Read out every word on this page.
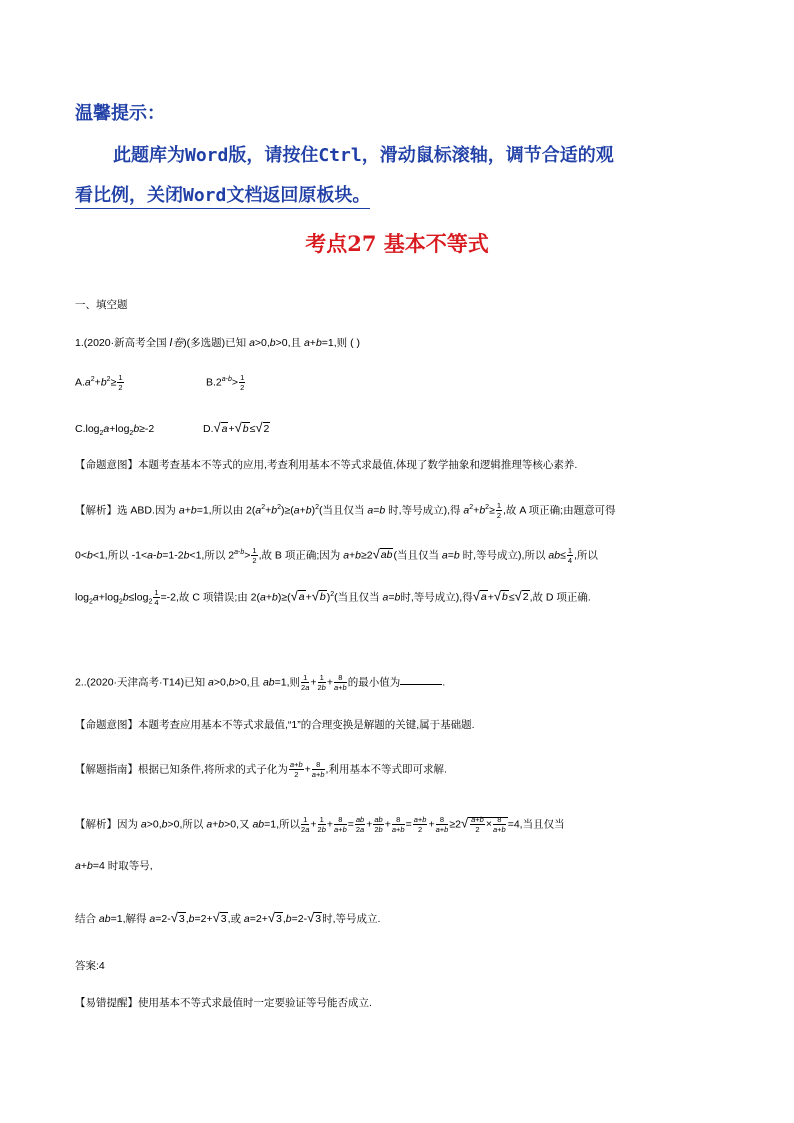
温馨提示：
此题库为Word版，请按住Ctrl，滑动鼠标滚轴，调节合适的观
看比例，关闭Word文档返回原板块。
考点27 基本不等式
一、填空题
1.(2020·新高考全国 Ⅰ卷)(多选题)已知 a>0,b>0,且 a+b=1,则 ( )
$A.a^2+b^2\ge \frac{1}{2}$	$B.2^{a-b}> \frac{1}{2}$
$C.\log_2a+\log_2b\ge-2$	D.√a+√b≤√2
【命题意图】本题考查基本不等式的应用,考查利用基本不等式求最值,体现了数学抽象和逻辑推理等核心素养.
【解析】选 ABD.因为 a+b=1,所以由 $2(a^2+b^2)\ge(a+b)^2$(当且仅当 a=b 时,等号成立),得 $a^2+b^2\ge \frac{1}{2}$ ,故 A 项正确;由题意可得
0<b<1,所以 -1<a-b=1-2b<1,所以 $2^{a-b}> \frac{1}{2}$ ,故 B 项正确;因为 a+b≥2√ab(当且仅当 a=b 时,等号成立),所以 $ab\le \frac{1}{4}$ ,所以
$\log_2a+\log_2b\le\log_2 \frac{1}{4} =-2$,故 C 项错误;由 $2(a+b)\ge(√a+√b)^2$(当且仅当 a=b时,等号成立),得√a+√b≤√2,故 D 项正确.
2..(2020·天津高考·T14)已知 a>0,b>0,且 ab=1,则 $\frac{1}{2a} + \frac{1}{2b} + \frac{8}{a+b}$ 的最小值为	.
【命题意图】本题考查应用基本不等式求最值,“1”的合理变换是解题的关键,属于基础题.
【解题指南】根据已知条件,将所求的式子化为 $\frac{a+b}{2} + \frac{8}{a+b}$ ,利用基本不等式即可求解.
【解析】因为 a>0,b>0,所以 a+b>0,又 ab=1,所以 $\frac{1}{2a} + \frac{1}{2b} + \frac{8}{a+b} = \frac{ab}{2a} + \frac{ab}{2b} + \frac{8}{a+b} = \frac{a+b}{2} + \frac{8}{a+b} \ge 2√ \frac{a+b}{2} \times \frac{8}{a+b} =4$,当且仅当
a+b=4 时取等号,
结合 ab=1,解得 a=2-√3,b=2+√3,或 a=2+√3,b=2-√3时,等号成立.
答案:4
【易错提醒】使用基本不等式求最值时一定要验证等号能否成立.
